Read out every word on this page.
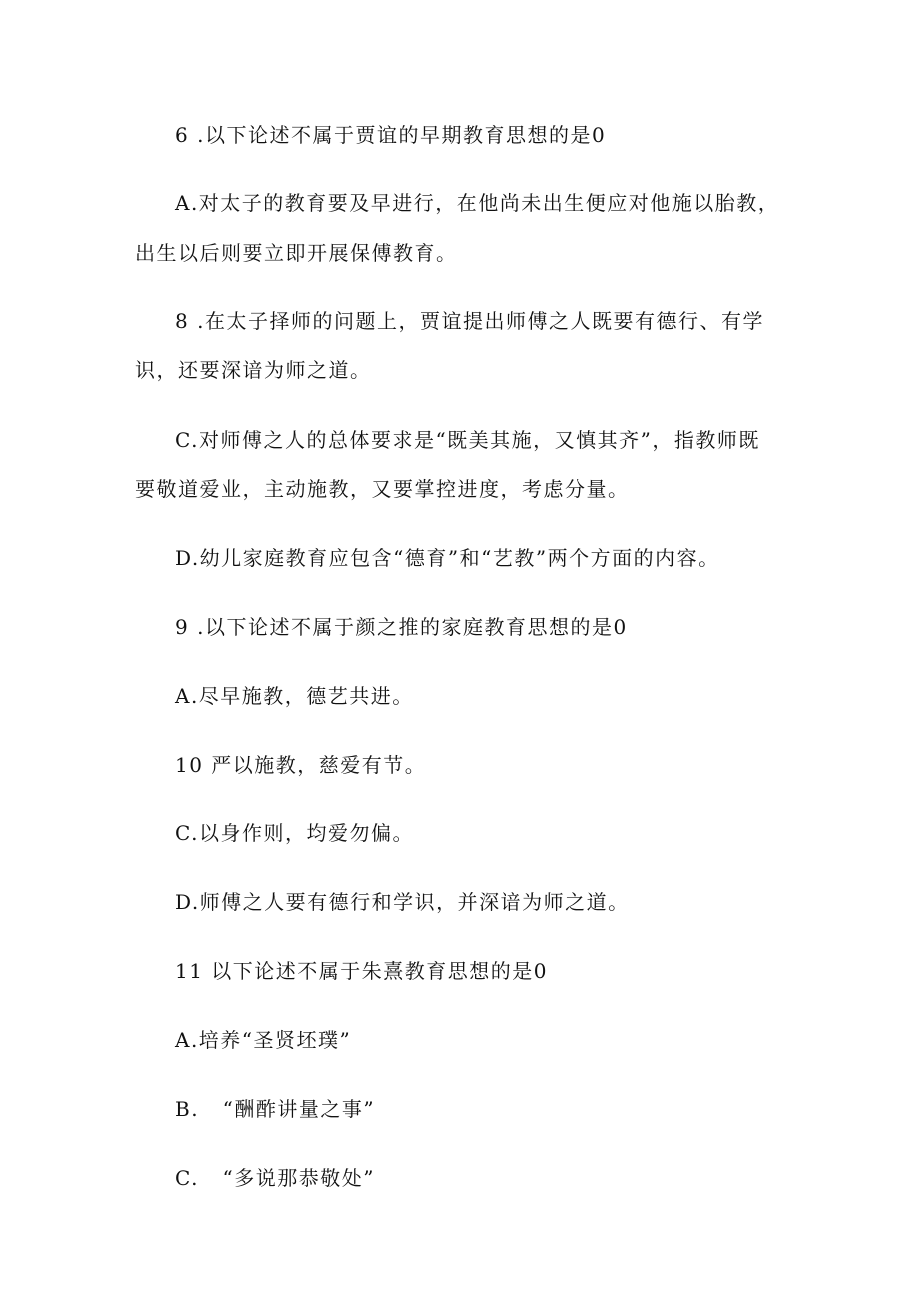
6 .以下论述不属于贾谊的早期教育思想的是0
A.对太子的教育要及早进行，在他尚未出生便应对他施以胎教，
出生以后则要立即开展保傅教育。
8 .在太子择师的问题上，贾谊提出师傅之人既要有德行、有学
识，还要深谙为师之道。
C.对师傅之人的总体要求是“既美其施，又慎其齐”，指教师既
要敬道爱业，主动施教，又要掌控进度，考虑分量。
D.幼儿家庭教育应包含“德育”和“艺教”两个方面的内容。
9 .以下论述不属于颜之推的家庭教育思想的是0
A.尽早施教，德艺共进。
10 严以施教，慈爱有节。
C.以身作则，均爱勿偏。
D.师傅之人要有德行和学识，并深谙为师之道。
11 以下论述不属于朱熹教育思想的是0
A.培养“圣贤坯璞”
B.   “酬酢讲量之事”
C.   “多说那恭敬处”
